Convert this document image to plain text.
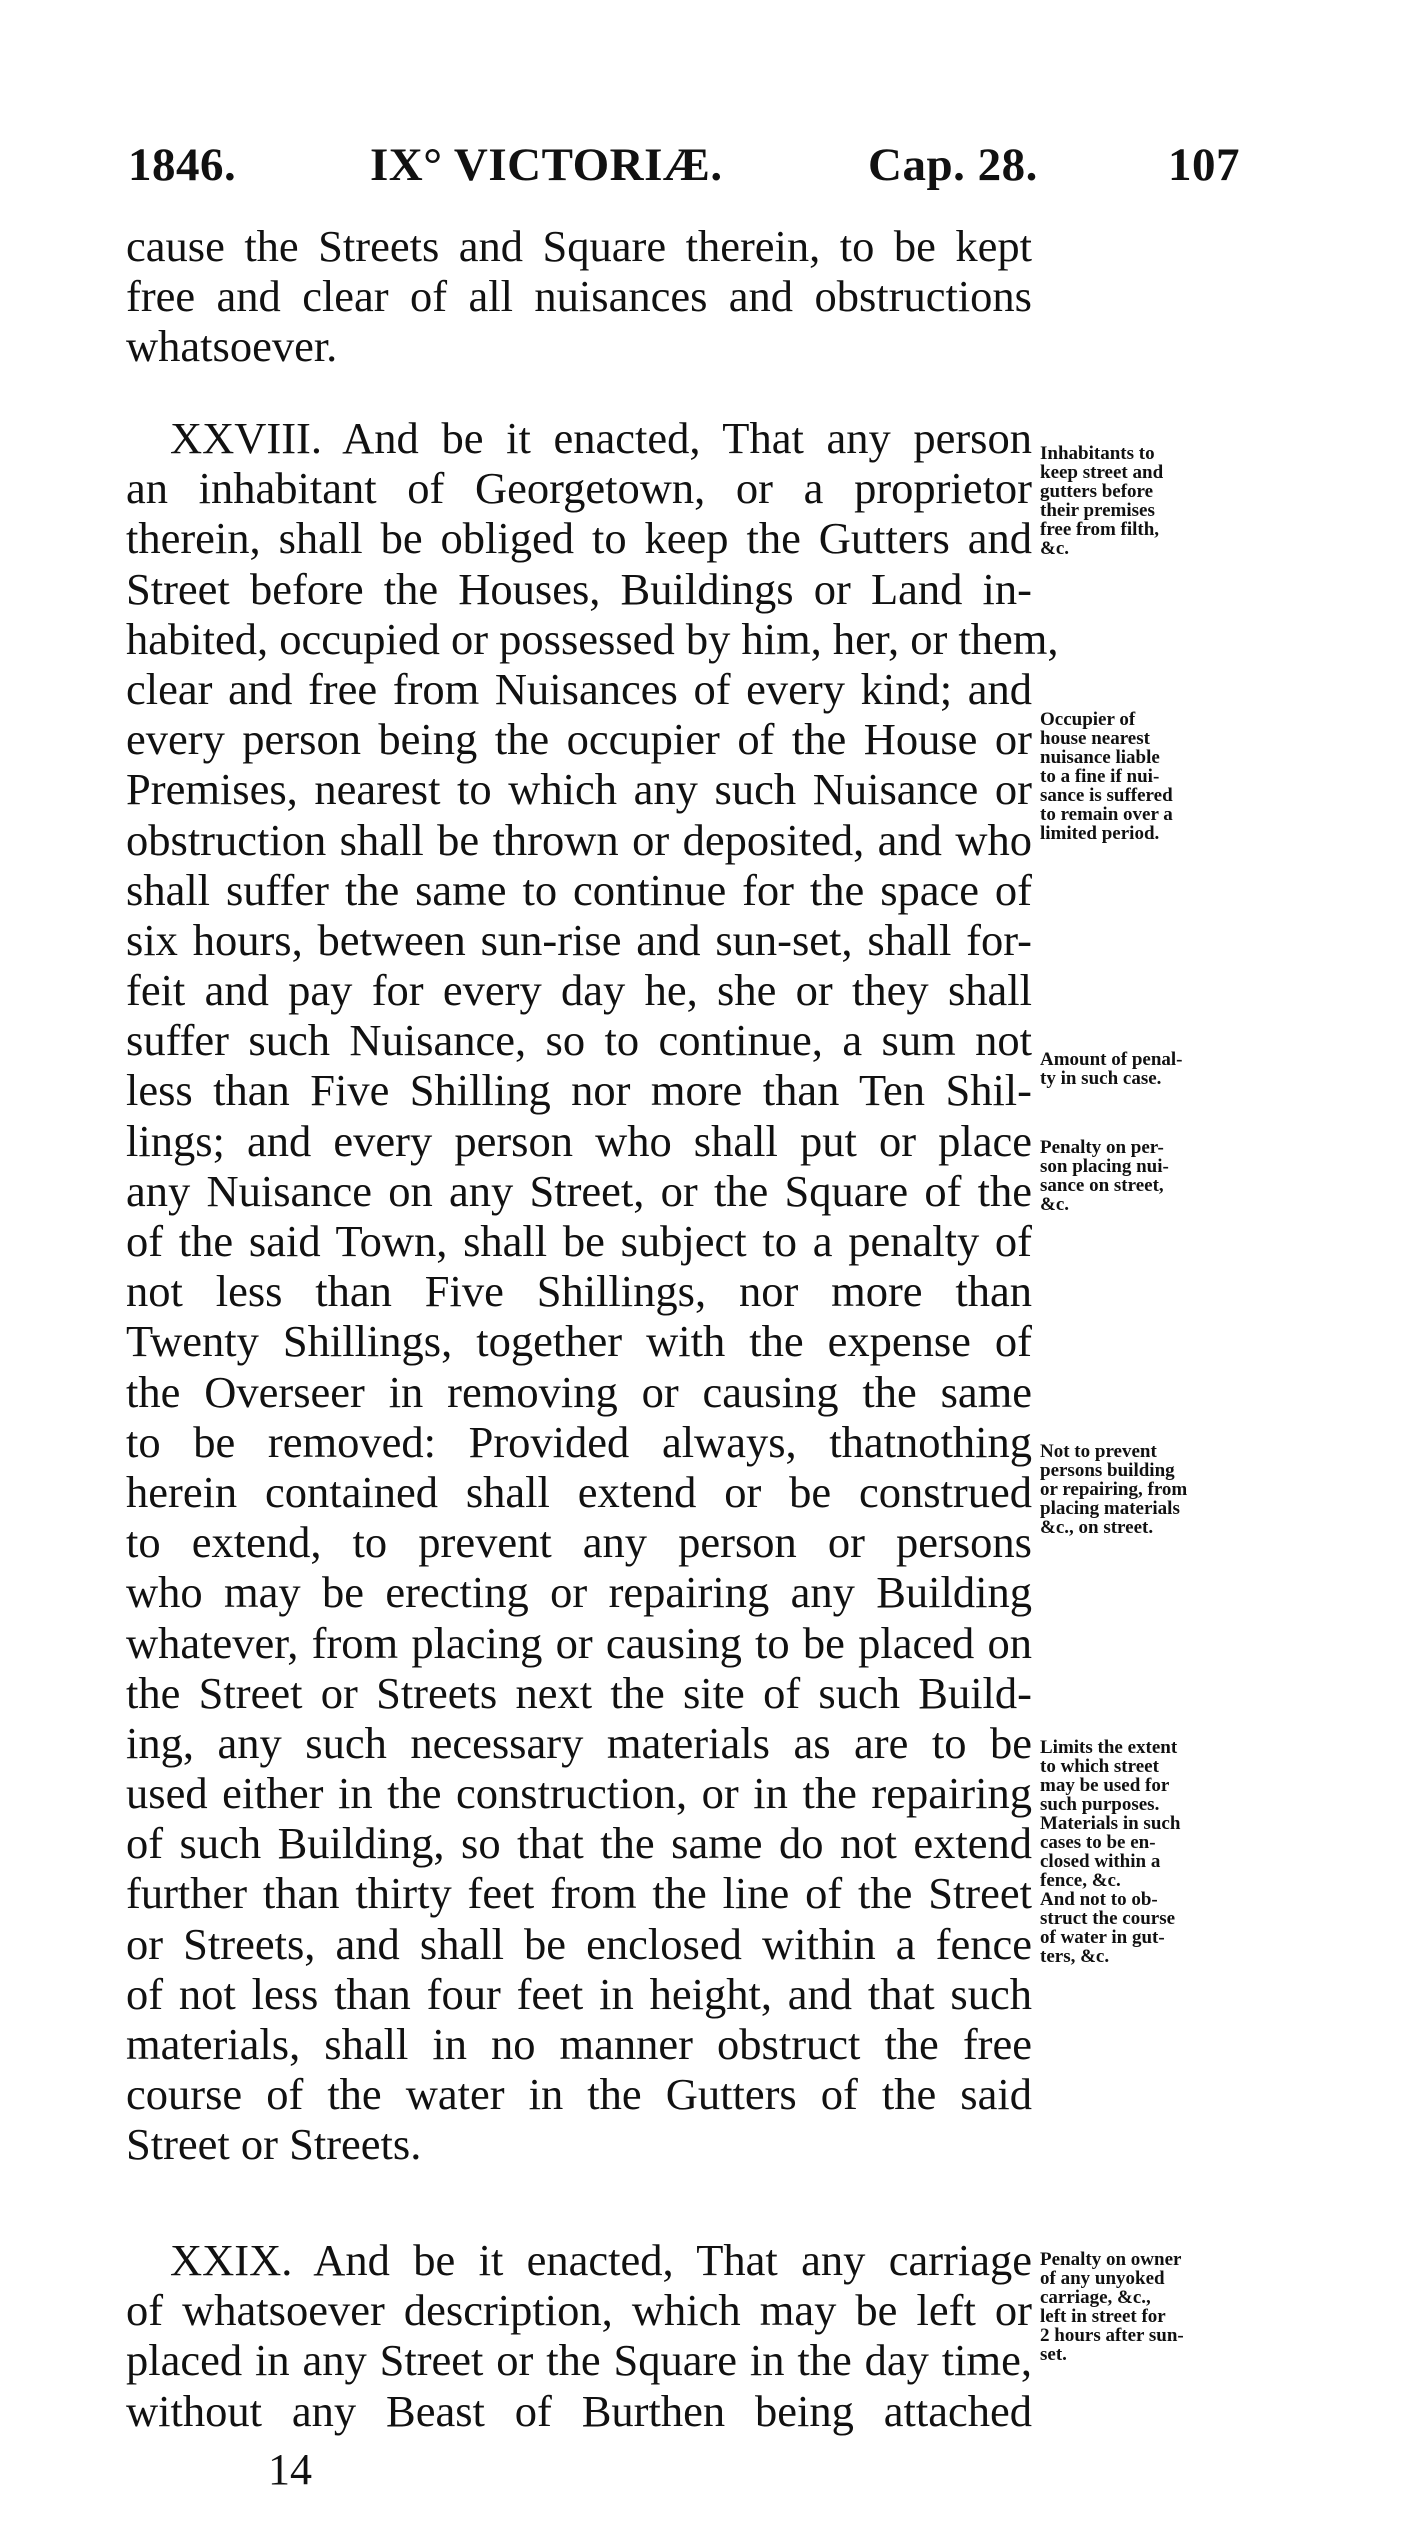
1846.	IX° VICTORIÆ.	Cap. 28.	107
cause the Streets and Square therein, to be kept
free and clear of all nuisances and obstructions
whatsoever.
XXVIII. And be it enacted, That any person
an inhabitant of Georgetown, or a proprietor
therein, shall be obliged to keep the Gutters and
Street before the Houses, Buildings or Land in-
habited, occupied or possessed by him, her, or them,
clear and free from Nuisances of every kind; and
every person being the occupier of the House or
Premises, nearest to which any such Nuisance or
obstruction shall be thrown or deposited, and who
shall suffer the same to continue for the space of
six hours, between sun-rise and sun-set, shall for-
feit and pay for every day he, she or they shall
suffer such Nuisance, so to continue, a sum not
less than Five Shilling nor more than Ten Shil-
lings; and every person who shall put or place
any Nuisance on any Street, or the Square of the
of the said Town, shall be subject to a penalty of
not less than Five Shillings, nor more than
Twenty Shillings, together with the expense of
the Overseer in removing or causing the same
to be removed: Provided always, thatnothing
herein contained shall extend or be construed
to extend, to prevent any person or persons
who may be erecting or repairing any Building
whatever, from placing or causing to be placed on
the Street or Streets next the site of such Build-
ing, any such necessary materials as are to be
used either in the construction, or in the repairing
of such Building, so that the same do not extend
further than thirty feet from the line of the Street
or Streets, and shall be enclosed within a fence
of not less than four feet in height, and that such
materials, shall in no manner obstruct the free
course of the water in the Gutters of the said
Street or Streets.
XXIX. And be it enacted, That any carriage
of whatsoever description, which may be left or
placed in any Street or the Square in the day time,
without any Beast of Burthen being attached
Inhabitants to
keep street and
gutters before
their premises
free from filth,
&c.
Occupier of
house nearest
nuisance liable
to a fine if nui-
sance is suffered
to remain over a
limited period.
Amount of penal-
ty in such case.
Penalty on per-
son placing nui-
sance on street,
&c.
Not to prevent
persons building
or repairing, from
placing materials
&c., on street.
Limits the extent
to which street
may be used for
such purposes.
Materials in such
cases to be en-
closed within a
fence, &c.
And not to ob-
struct the course
of water in gut-
ters, &c.
Penalty on owner
of any unyoked
carriage, &c.,
left in street for
2 hours after sun-
set.
14
